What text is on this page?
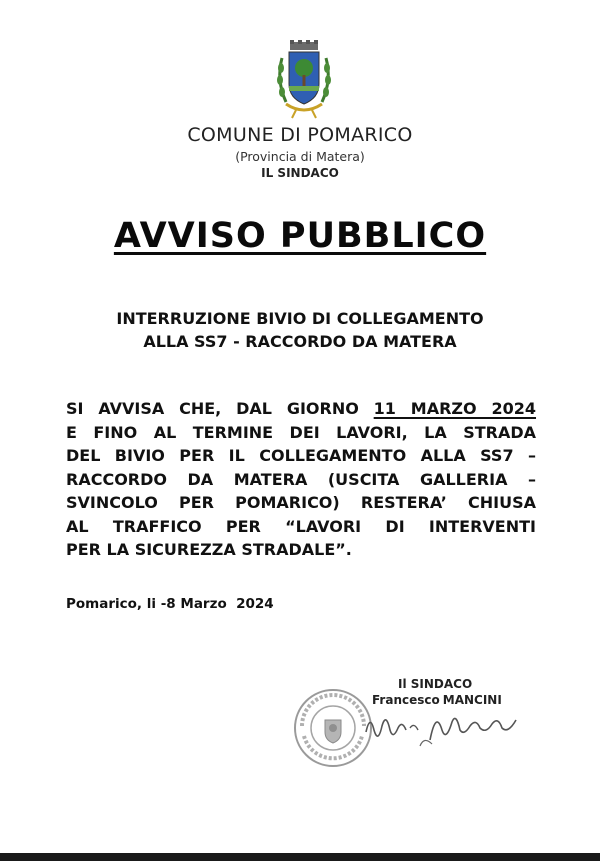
COMUNE DI POMARICO
(Provincia di Matera)
IL SINDACO
AVVISO PUBBLICO
INTERRUZIONE BIVIO DI COLLEGAMENTO
ALLA SS7 - RACCORDO DA MATERA
SI AVVISA CHE, DAL GIORNO 11 MARZO 2024
E FINO AL TERMINE DEI LAVORI, LA STRADA
DEL BIVIO PER IL COLLEGAMENTO ALLA SS7 –
RACCORDO DA MATERA (USCITA GALLERIA –
SVINCOLO PER POMARICO) RESTERA’ CHIUSA
AL TRAFFICO PER “LAVORI DI INTERVENTI
PER LA SICUREZZA STRADALE”.
Pomarico, li -8 Marzo  2024
Il SINDACO
Francesco MANCINI
